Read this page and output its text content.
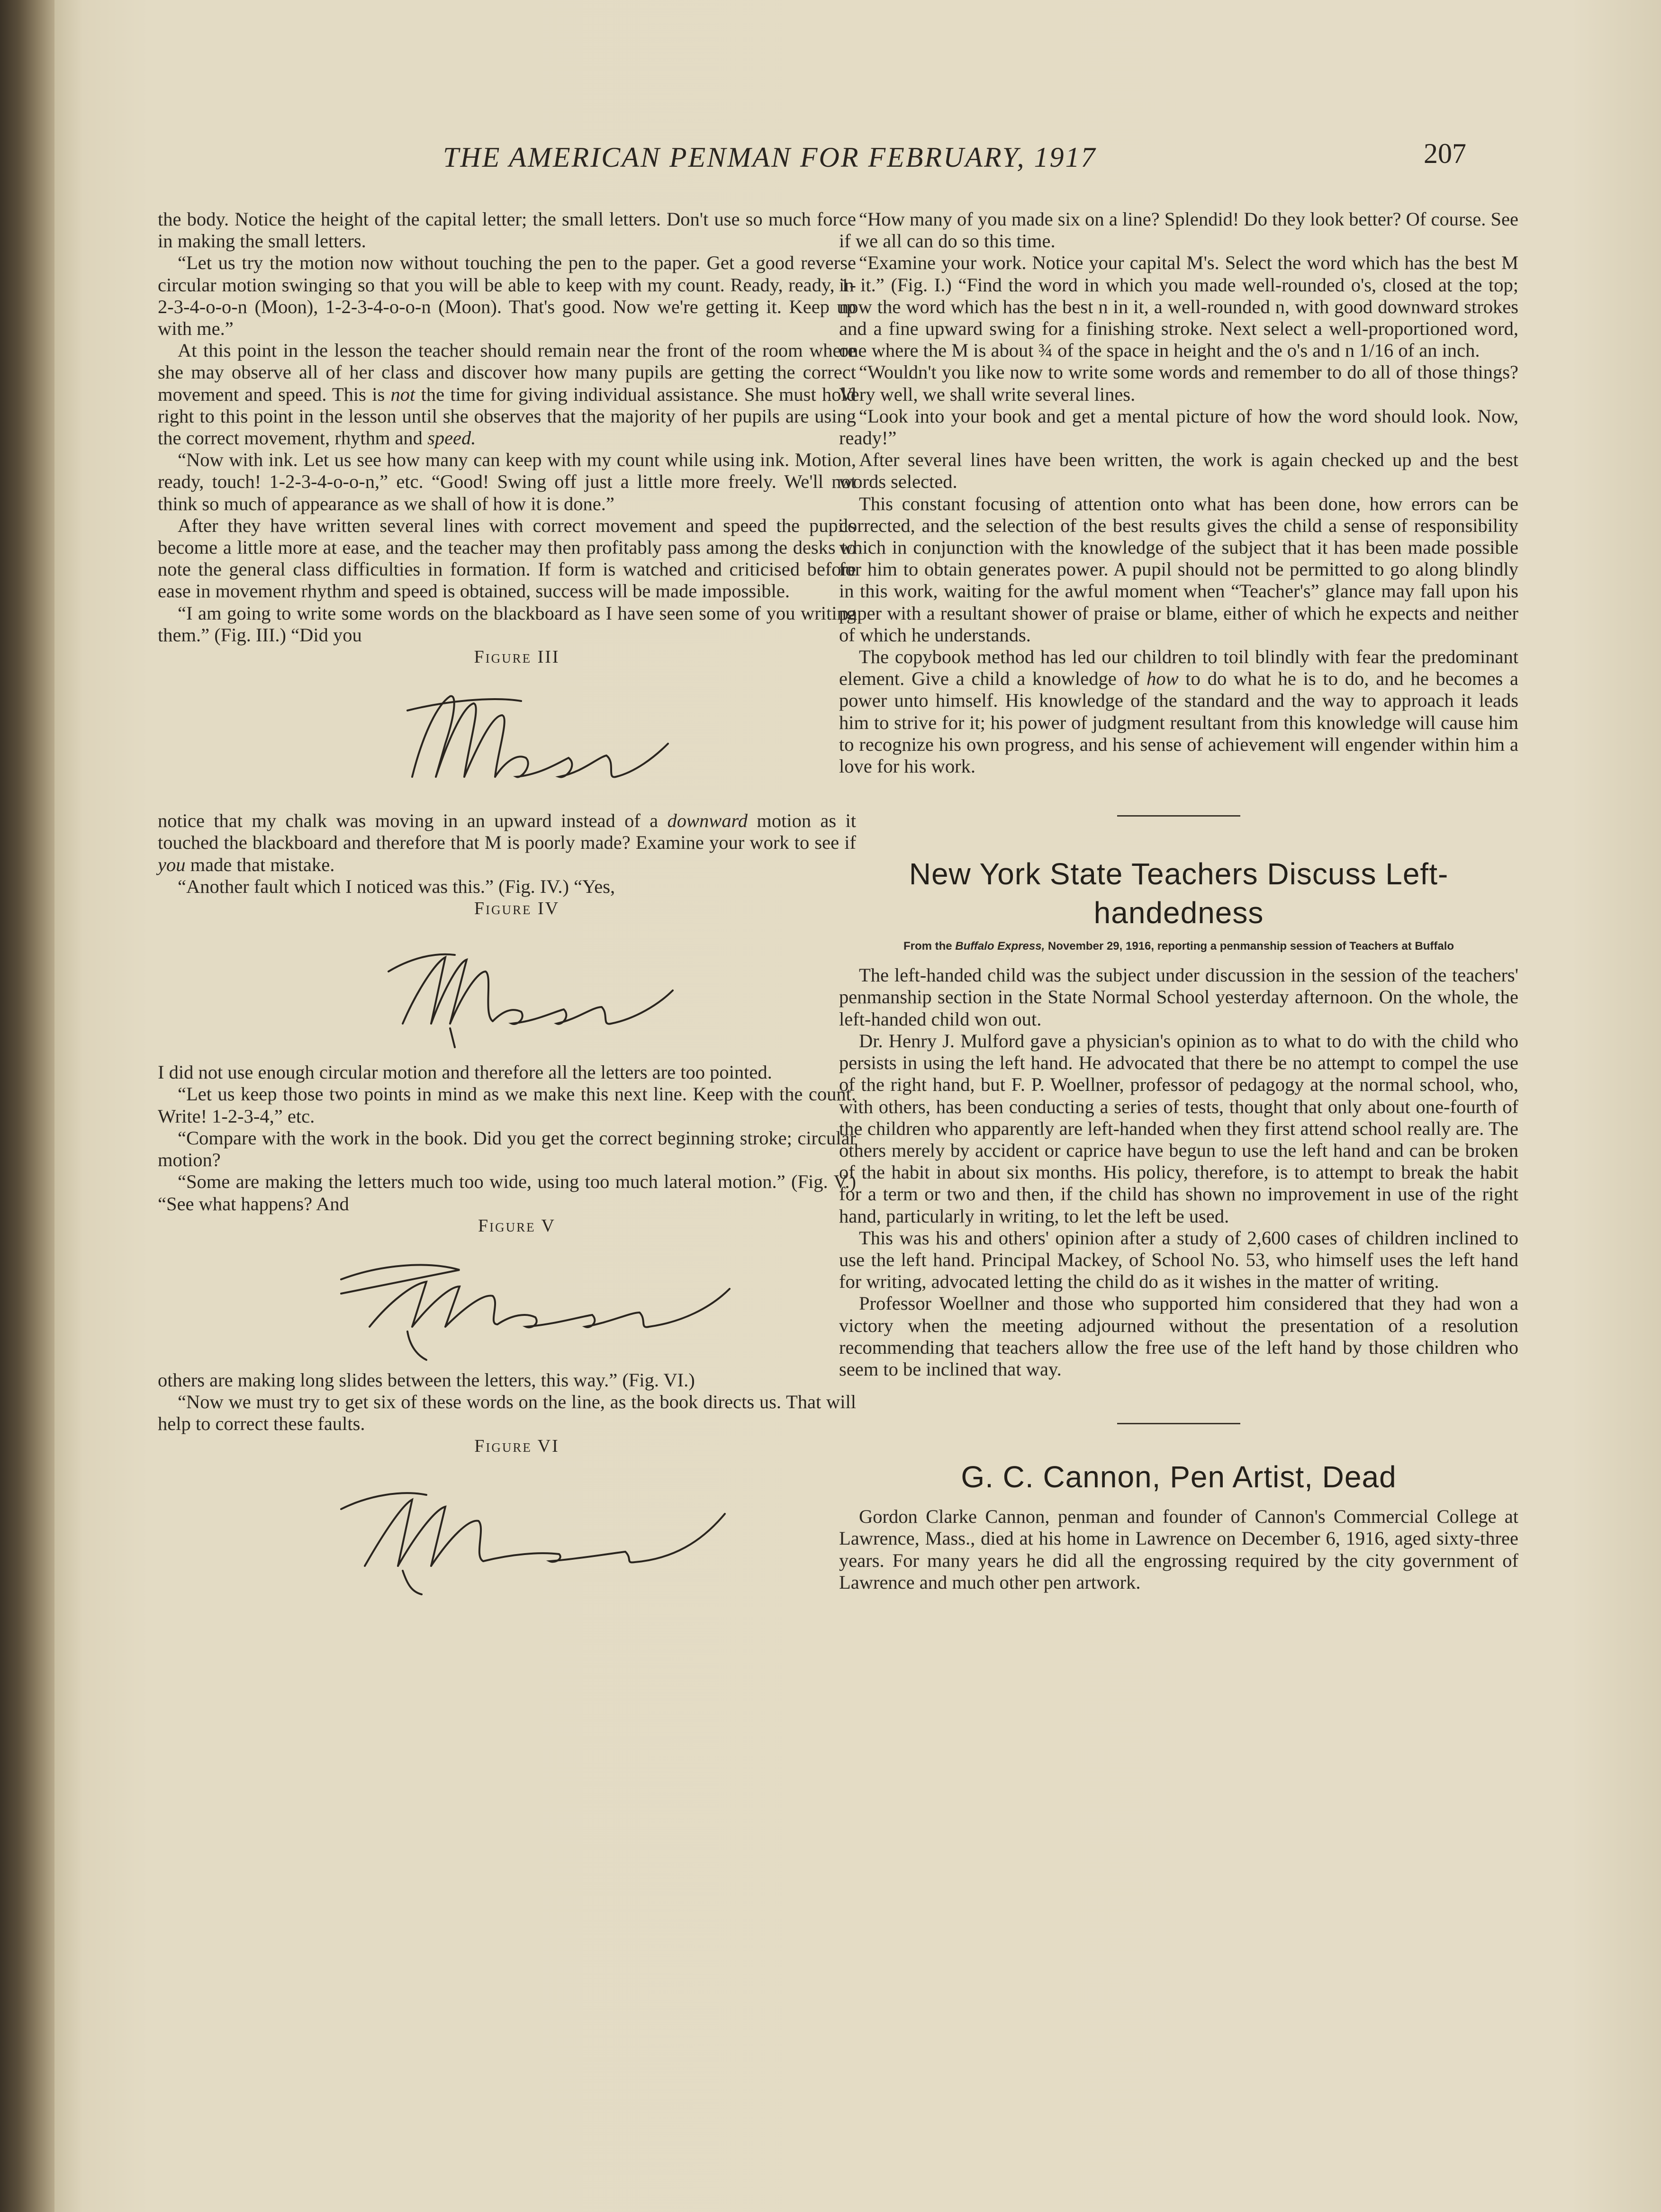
THE AMERICAN PENMAN FOR FEBRUARY, 1917	207

the body. Notice the height of the capital letter; the small letters. Don't use so much force in making the small letters.

“Let us try the motion now without touching the pen to the paper. Get a good reverse circular motion swinging so that you will be able to keep with my count. Ready, ready, 1-2-3-4-o-o-n (Moon), 1-2-3-4-o-o-n (Moon). That's good. Now we're getting it. Keep up with me.”

At this point in the lesson the teacher should remain near the front of the room where she may observe all of her class and discover how many pupils are getting the correct movement and speed. This is not the time for giving individual assistance. She must hold right to this point in the lesson until she observes that the majority of her pupils are using the correct movement, rhythm and speed.

“Now with ink. Let us see how many can keep with my count while using ink. Motion, ready, touch! 1-2-3-4-o-o-n,” etc. “Good! Swing off just a little more freely. We'll not think so much of appearance as we shall of how it is done.”

After they have written several lines with correct movement and speed the pupils become a little more at ease, and the teacher may then profitably pass among the desks to note the general class difficulties in formation. If form is watched and criticised before ease in movement rhythm and speed is obtained, success will be made impossible.

“I am going to write some words on the blackboard as I have seen some of you writing them.” (Fig. III.) “Did you

Figure III

notice that my chalk was moving in an upward instead of a downward motion as it touched the blackboard and therefore that M is poorly made? Examine your work to see if you made that mistake.

“Another fault which I noticed was this.” (Fig. IV.) “Yes,

Figure IV

I did not use enough circular motion and therefore all the letters are too pointed.

“Let us keep those two points in mind as we make this next line. Keep with the count. Write! 1-2-3-4,” etc.

“Compare with the work in the book. Did you get the correct beginning stroke; circular motion?

“Some are making the letters much too wide, using too much lateral motion.” (Fig. V.) “See what happens? And

Figure V

others are making long slides between the letters, this way.” (Fig. VI.)

“Now we must try to get six of these words on the line, as the book directs us. That will help to correct these faults.

Figure VI

“How many of you made six on a line? Splendid! Do they look better? Of course. See if we all can do so this time.

“Examine your work. Notice your capital M's. Select the word which has the best M in it.” (Fig. I.) “Find the word in which you made well-rounded o's, closed at the top; now the word which has the best n in it, a well-rounded n, with good downward strokes and a fine upward swing for a finishing stroke. Next select a well-proportioned word, one where the M is about ¾ of the space in height and the o's and n 1/16 of an inch.

“Wouldn't you like now to write some words and remember to do all of those things? Very well, we shall write several lines.

“Look into your book and get a mental picture of how the word should look. Now, ready!”

After several lines have been written, the work is again checked up and the best words selected.

This constant focusing of attention onto what has been done, how errors can be corrected, and the selection of the best results gives the child a sense of responsibility which in conjunction with the knowledge of the subject that it has been made possible for him to obtain generates power. A pupil should not be permitted to go along blindly in this work, waiting for the awful moment when “Teacher's” glance may fall upon his paper with a resultant shower of praise or blame, either of which he expects and neither of which he understands.

The copybook method has led our children to toil blindly with fear the predominant element. Give a child a knowledge of how to do what he is to do, and he becomes a power unto himself. His knowledge of the standard and the way to approach it leads him to strive for it; his power of judgment resultant from this knowledge will cause him to recognize his own progress, and his sense of achievement will engender within him a love for his work.

New York State Teachers Discuss Left-handedness
From the Buffalo Express, November 29, 1916, reporting a penmanship session of Teachers at Buffalo

The left-handed child was the subject under discussion in the session of the teachers' penmanship section in the State Normal School yesterday afternoon. On the whole, the left-handed child won out.

Dr. Henry J. Mulford gave a physician's opinion as to what to do with the child who persists in using the left hand. He advocated that there be no attempt to compel the use of the right hand, but F. P. Woellner, professor of pedagogy at the normal school, who, with others, has been conducting a series of tests, thought that only about one-fourth of the children who apparently are left-handed when they first attend school really are. The others merely by accident or caprice have begun to use the left hand and can be broken of the habit in about six months. His policy, therefore, is to attempt to break the habit for a term or two and then, if the child has shown no improvement in use of the right hand, particularly in writing, to let the left be used.

This was his and others' opinion after a study of 2,600 cases of children inclined to use the left hand. Principal Mackey, of School No. 53, who himself uses the left hand for writing, advocated letting the child do as it wishes in the matter of writing.

Professor Woellner and those who supported him considered that they had won a victory when the meeting adjourned without the presentation of a resolution recommending that teachers allow the free use of the left hand by those children who seem to be inclined that way.

G. C. Cannon, Pen Artist, Dead

Gordon Clarke Cannon, penman and founder of Cannon's Commercial College at Lawrence, Mass., died at his home in Lawrence on December 6, 1916, aged sixty-three years. For many years he did all the engrossing required by the city government of Lawrence and much other pen artwork.
